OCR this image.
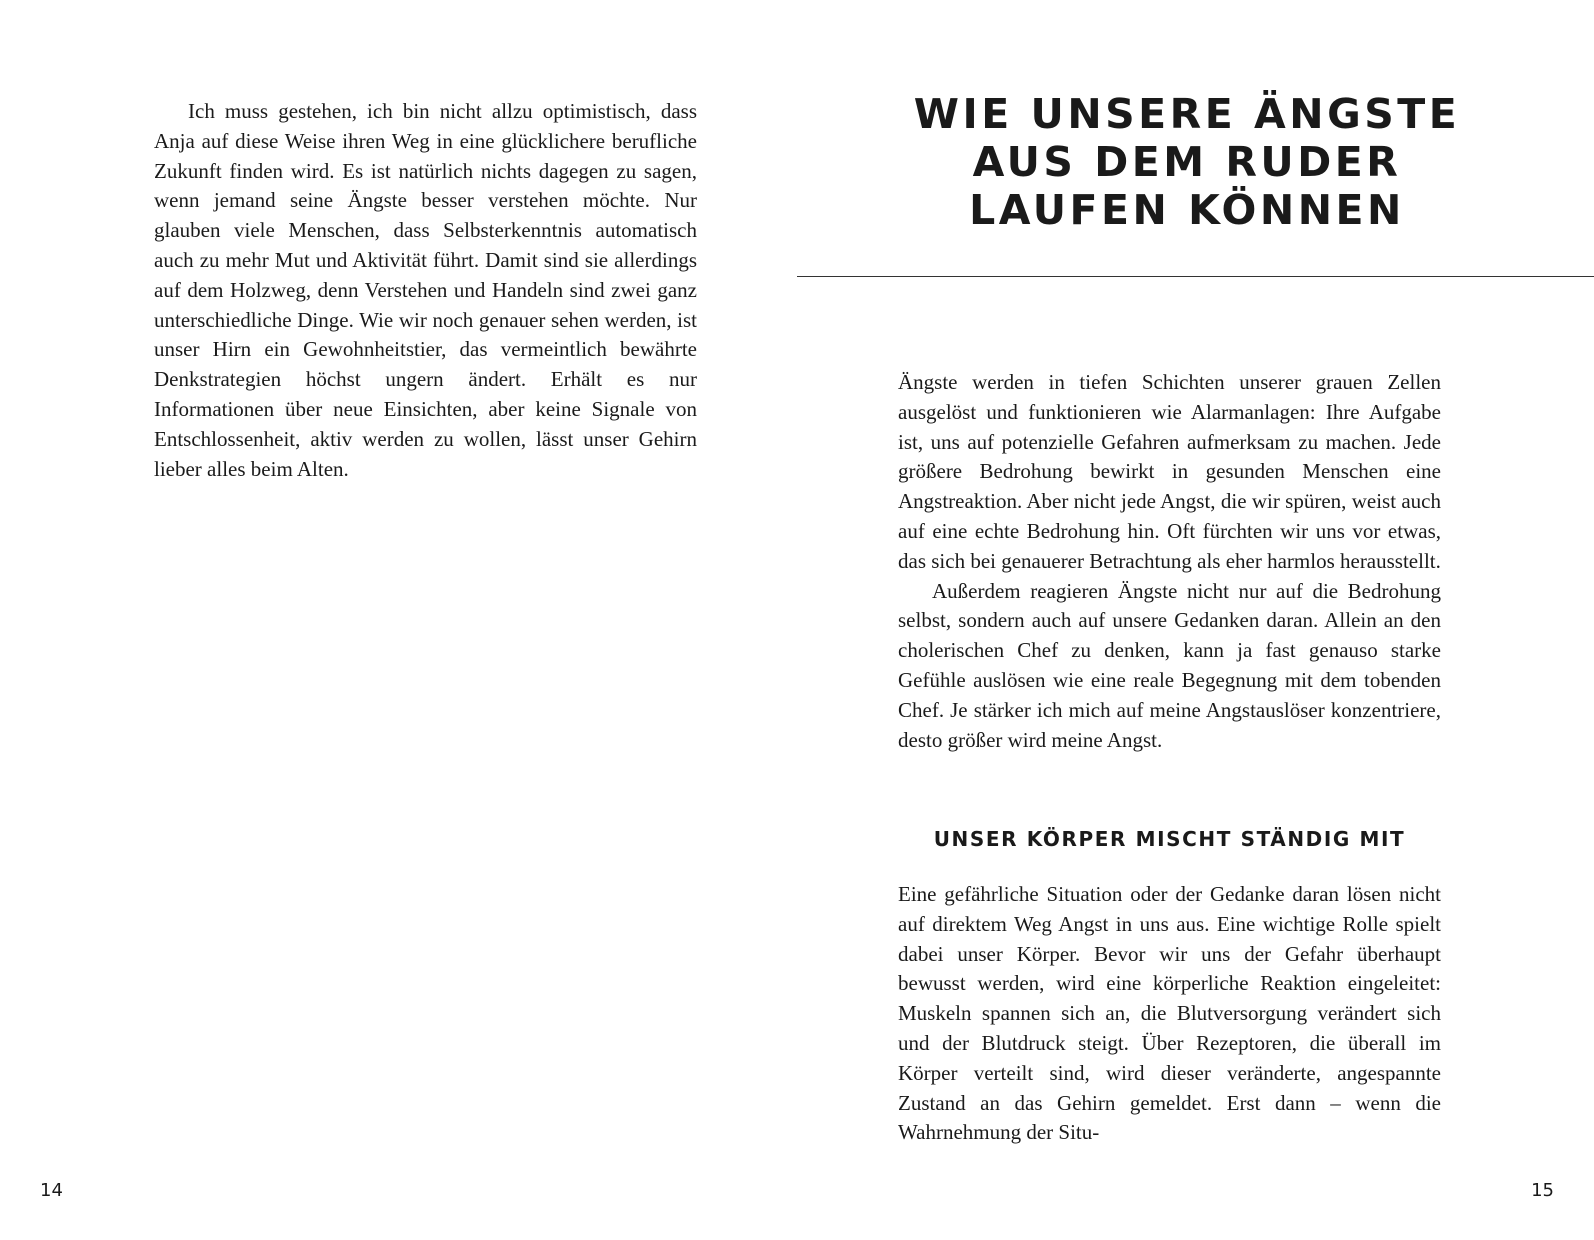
Ich muss gestehen, ich bin nicht allzu optimistisch, dass Anja auf diese Weise ihren Weg in eine glücklichere berufliche Zukunft finden wird. Es ist natürlich nichts dagegen zu sagen, wenn jemand seine Ängste besser verstehen möchte. Nur glauben viele Menschen, dass Selbsterkenntnis automatisch auch zu mehr Mut und Aktivität führt. Damit sind sie allerdings auf dem Holzweg, denn Verstehen und Handeln sind zwei ganz unterschiedliche Dinge. Wie wir noch genauer sehen werden, ist unser Hirn ein Gewohnheitstier, das vermeintlich bewährte Denkstrategien höchst ungern ändert. Erhält es nur Informationen über neue Einsichten, aber keine Signale von Entschlossenheit, aktiv werden zu wollen, lässt unser Gehirn lieber alles beim Alten.

14
WIE UNSERE ÄNGSTE
AUS DEM RUDER
LAUFEN KÖNNEN

Ängste werden in tiefen Schichten unserer grauen Zellen ausgelöst und funktionieren wie Alarmanlagen: Ihre Aufgabe ist, uns auf potenzielle Gefahren aufmerksam zu machen. Jede größere Bedrohung bewirkt in gesunden Menschen eine Angstreaktion. Aber nicht jede Angst, die wir spüren, weist auch auf eine echte Bedrohung hin. Oft fürchten wir uns vor etwas, das sich bei genauerer Betrachtung als eher harmlos herausstellt.

Außerdem reagieren Ängste nicht nur auf die Bedrohung selbst, sondern auch auf unsere Gedanken daran. Allein an den cholerischen Chef zu denken, kann ja fast genauso starke Gefühle auslösen wie eine reale Begegnung mit dem tobenden Chef. Je stärker ich mich auf meine Angstauslöser konzentriere, desto größer wird meine Angst.

UNSER KÖRPER MISCHT STÄNDIG MIT

Eine gefährliche Situation oder der Gedanke daran lösen nicht auf direktem Weg Angst in uns aus. Eine wichtige Rolle spielt dabei unser Körper. Bevor wir uns der Gefahr überhaupt bewusst werden, wird eine körperliche Reaktion eingeleitet: Muskeln spannen sich an, die Blutversorgung verändert sich und der Blutdruck steigt. Über Rezeptoren, die überall im Körper verteilt sind, wird dieser veränderte, angespannte Zustand an das Gehirn gemeldet. Erst dann – wenn die Wahrnehmung der Situ-

15
